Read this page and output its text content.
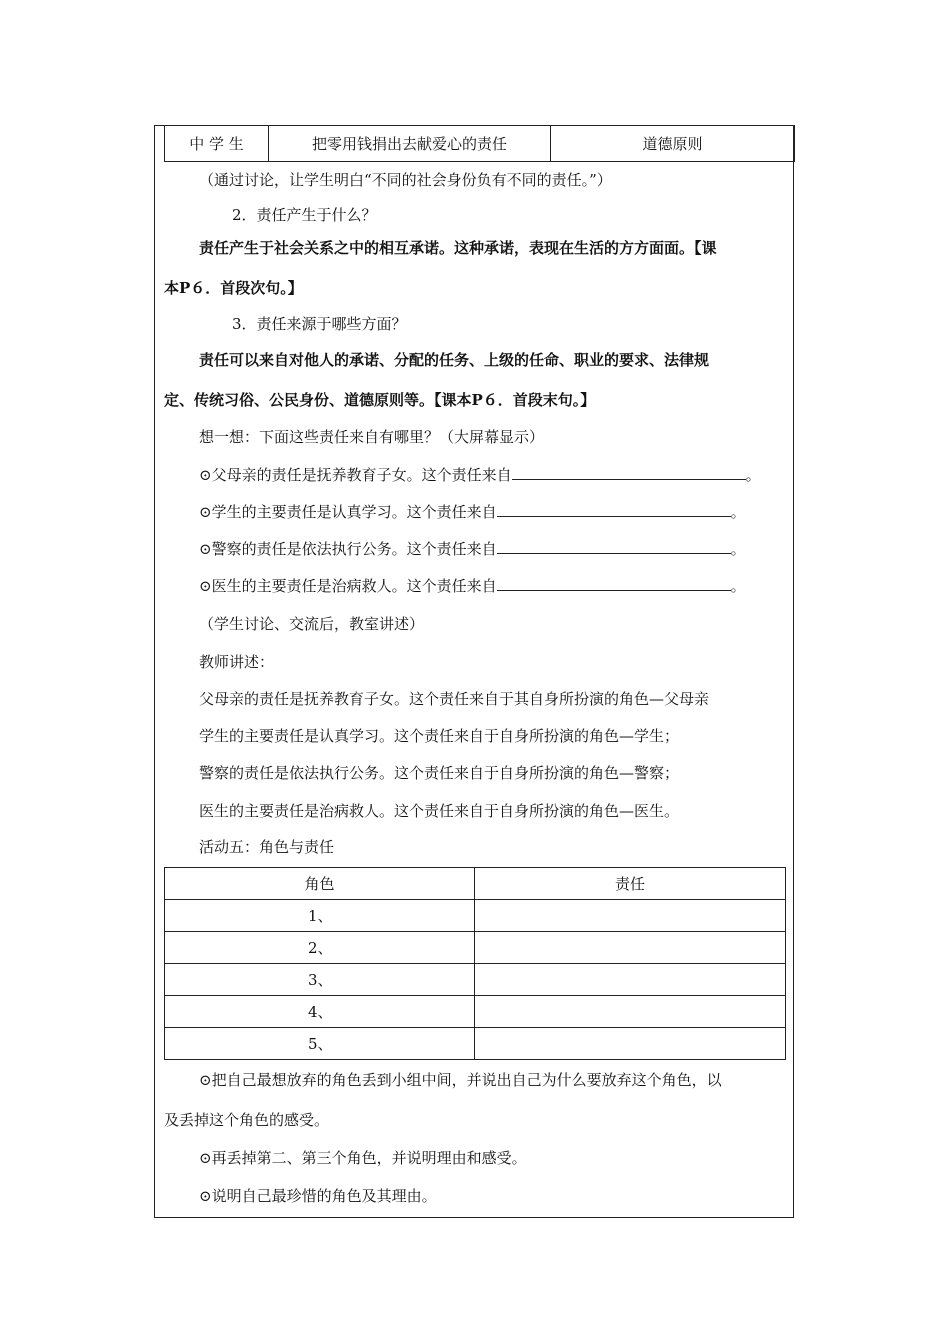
中 学 生	把零用钱捐出去献爱心的责任	道德原则
（通过讨论，让学生明白“不同的社会身份负有不同的责任。”）
2．责任产生于什么？
责任产生于社会关系之中的相互承诺。这种承诺，表现在生活的方方面面。【课
本P６．首段次句。】
3．责任来源于哪些方面？
责任可以来自对他人的承诺、分配的任务、上级的任命、职业的要求、法律规
定、传统习俗、公民身份、道德原则等。【课本P６．首段末句。】
想一想：下面这些责任来自有哪里？（大屏幕显示）
⊙父母亲的责任是抚养教育子女。这个责任来自	。
⊙学生的主要责任是认真学习。这个责任来自	。
⊙警察的责任是依法执行公务。这个责任来自	。
⊙医生的主要责任是治病救人。这个责任来自	。
（学生讨论、交流后，教室讲述）
教师讲述：
父母亲的责任是抚养教育子女。这个责任来自于其自身所扮演的角色—父母亲
学生的主要责任是认真学习。这个责任来自于自身所扮演的角色—学生；
警察的责任是依法执行公务。这个责任来自于自身所扮演的角色—警察；
医生的主要责任是治病救人。这个责任来自于自身所扮演的角色—医生。
活动五：角色与责任
角色	责任
1、	
2、	
3、	
4、	
5、	
⊙把自己最想放弃的角色丢到小组中间，并说出自己为什么要放弃这个角色，以
及丢掉这个角色的感受。
⊙再丢掉第二、第三个角色，并说明理由和感受。
⊙说明自己最珍惜的角色及其理由。
